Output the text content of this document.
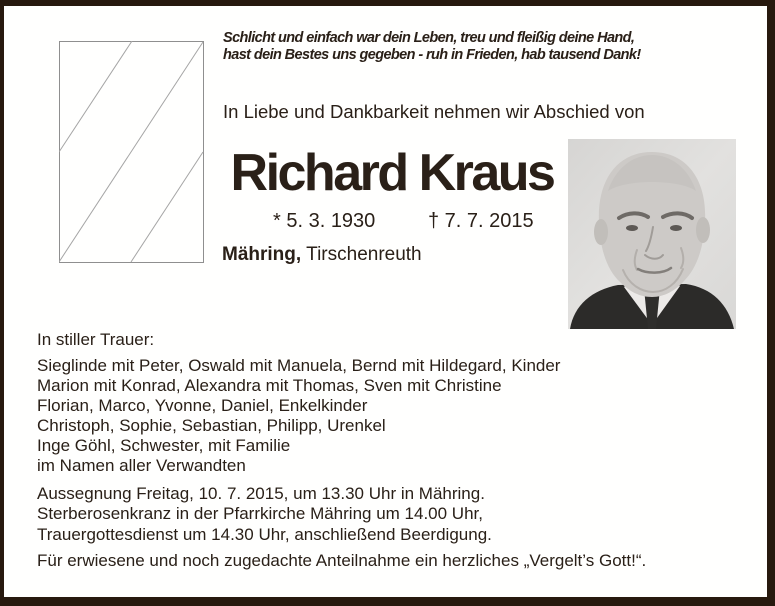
Schlicht und einfach war dein Leben, treu und fleißig deine Hand,
hast dein Bestes uns gegeben - ruh in Frieden, hab tausend Dank!
In Liebe und Dankbarkeit nehmen wir Abschied von
Richard Kraus
* 5. 3. 1930	† 7. 7. 2015
Mähring, Tirschenreuth
In stiller Trauer:
Sieglinde mit Peter, Oswald mit Manuela, Bernd mit Hildegard, Kinder
Marion mit Konrad, Alexandra mit Thomas, Sven mit Christine
Florian, Marco, Yvonne, Daniel, Enkelkinder
Christoph, Sophie, Sebastian, Philipp, Urenkel
Inge Göhl, Schwester, mit Familie
im Namen aller Verwandten
Aussegnung Freitag, 10. 7. 2015, um 13.30 Uhr in Mähring.
Sterberosenkranz in der Pfarrkirche Mähring um 14.00 Uhr,
Trauergottesdienst um 14.30 Uhr, anschließend Beerdigung.
Für erwiesene und noch zugedachte Anteilnahme ein herzliches „Vergelt’s Gott!“.
